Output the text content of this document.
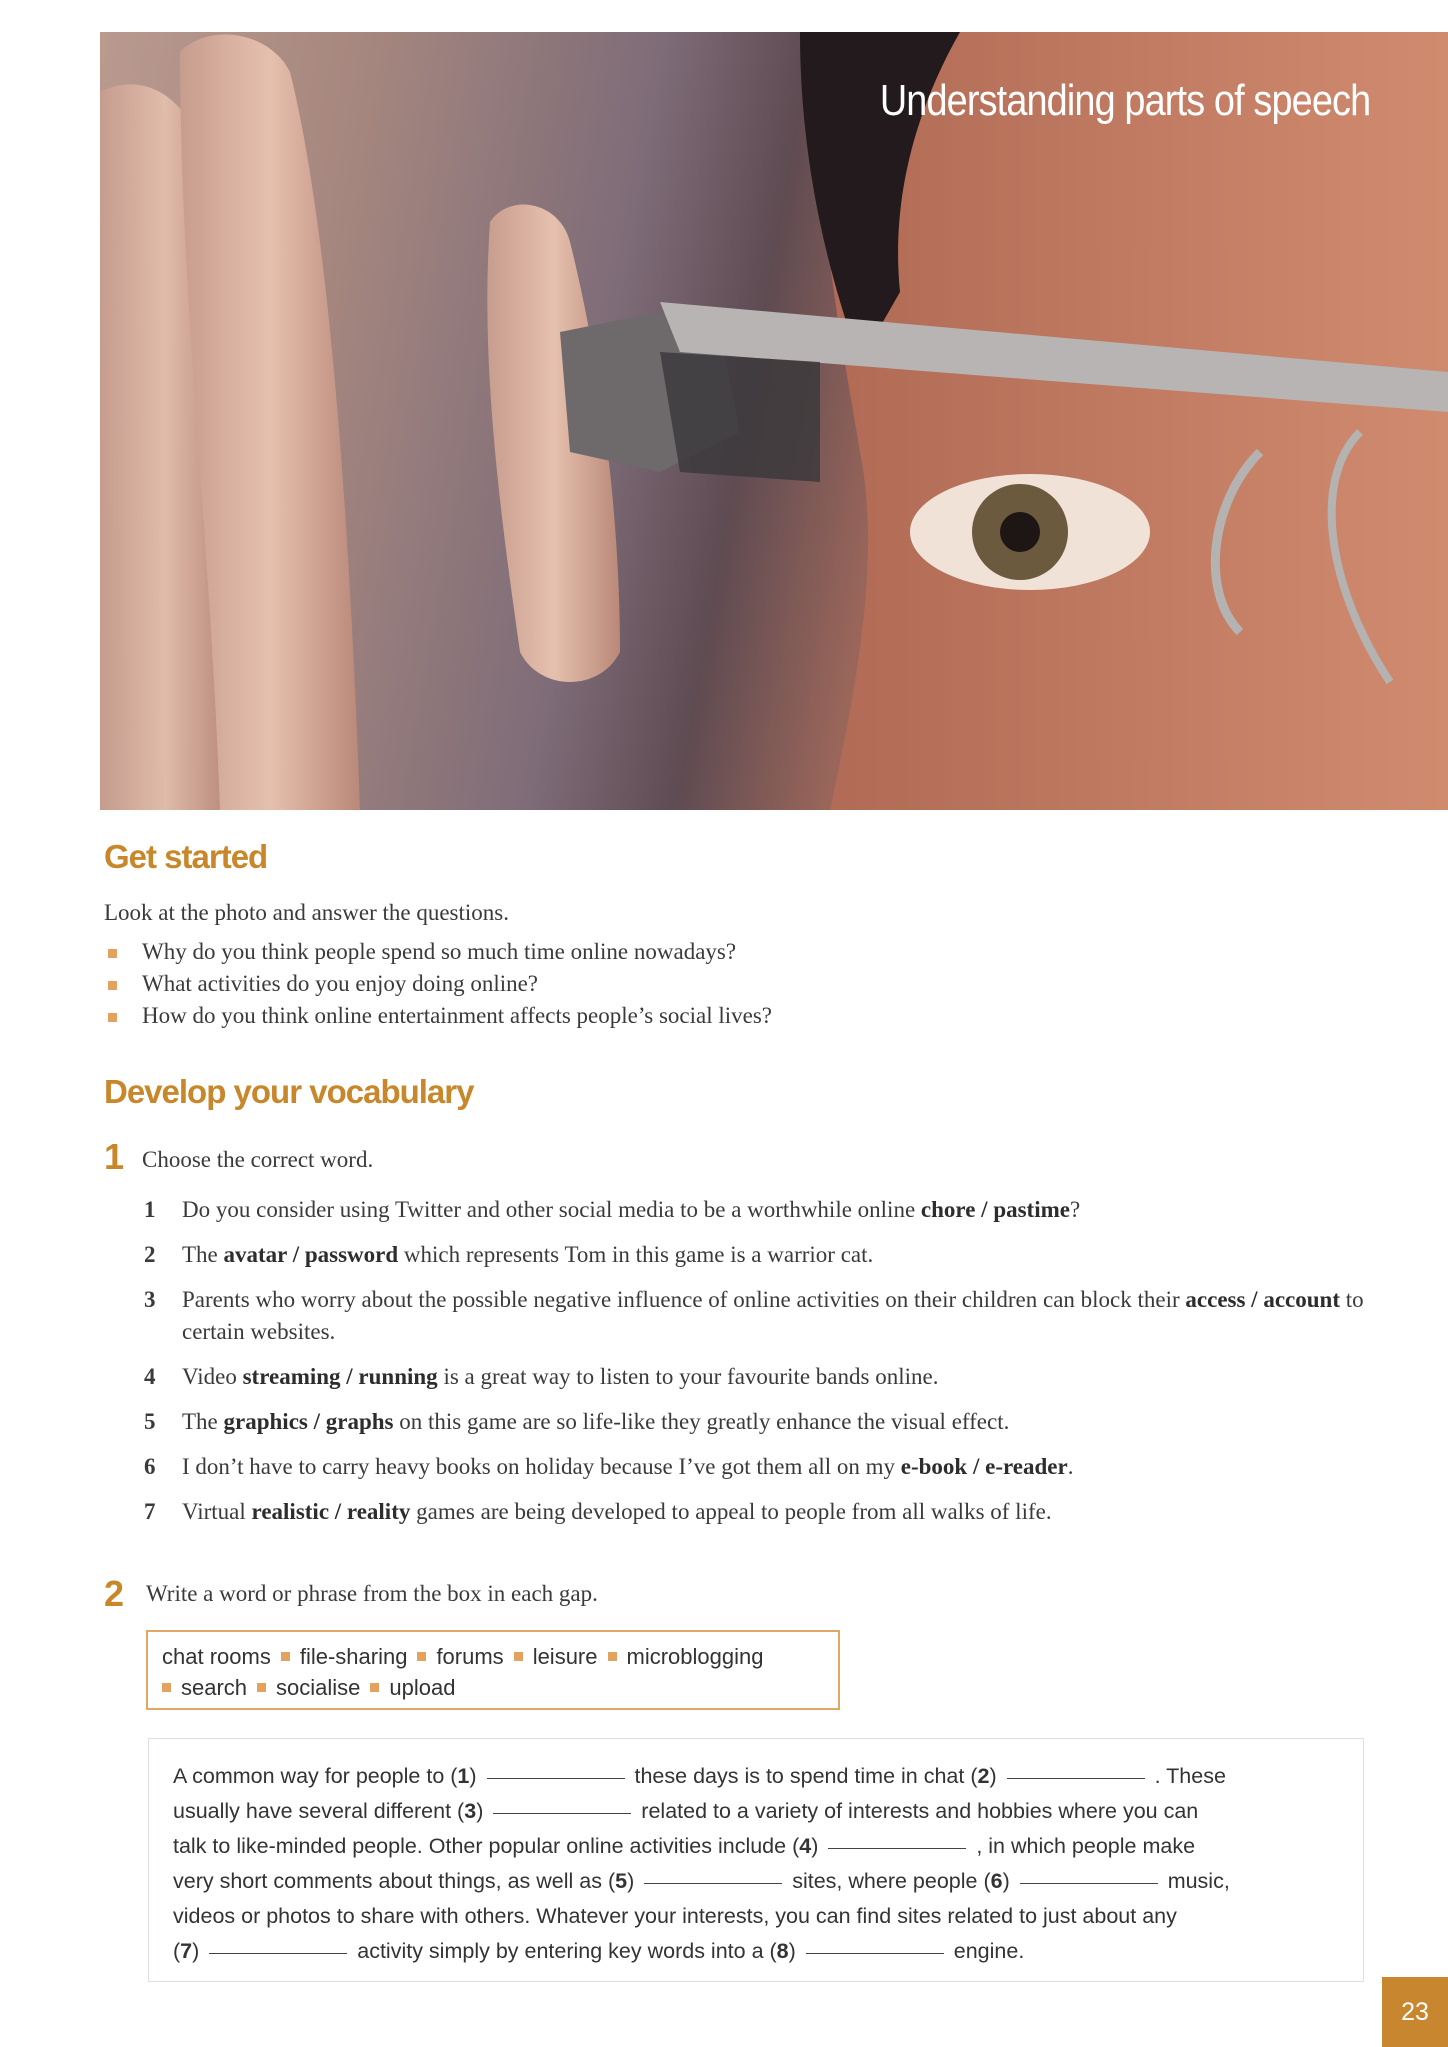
Understanding parts of speech
Get started

Look at the photo and answer the questions.

Why do you think people spend so much time online nowadays?
What activities do you enjoy doing online?
How do you think online entertainment affects people’s social lives?
Develop your vocabulary
1 Choose the correct word.

1 Do you consider using Twitter and other social media to be a worthwhile online chore / pastime?
2 The avatar / password which represents Tom in this game is a warrior cat.
3 Parents who worry about the possible negative influence of online activities on their children can block their access / account to certain websites.
4 Video streaming / running is a great way to listen to your favourite bands online.
5 The graphics / graphs on this game are so life-like they greatly enhance the visual effect.
6 I don’t have to carry heavy books on holiday because I’ve got them all on my e-book / e-reader.
7 Virtual realistic / reality games are being developed to appeal to people from all walks of life.
2 Write a word or phrase from the box in each gap.

chat rooms file-sharing forums leisure microblogging
search socialise upload
A common way for people to (1)	these days is to spend time in chat (2)	. These
usually have several different (3)	related to a variety of interests and hobbies where you can
talk to like-minded people. Other popular online activities include (4)	, in which people make
very short comments about things, as well as (5)	sites, where people (6)	music,
videos or photos to share with others. Whatever your interests, you can find sites related to just about any
(7)	activity simply by entering key words into a (8)	engine.
23
